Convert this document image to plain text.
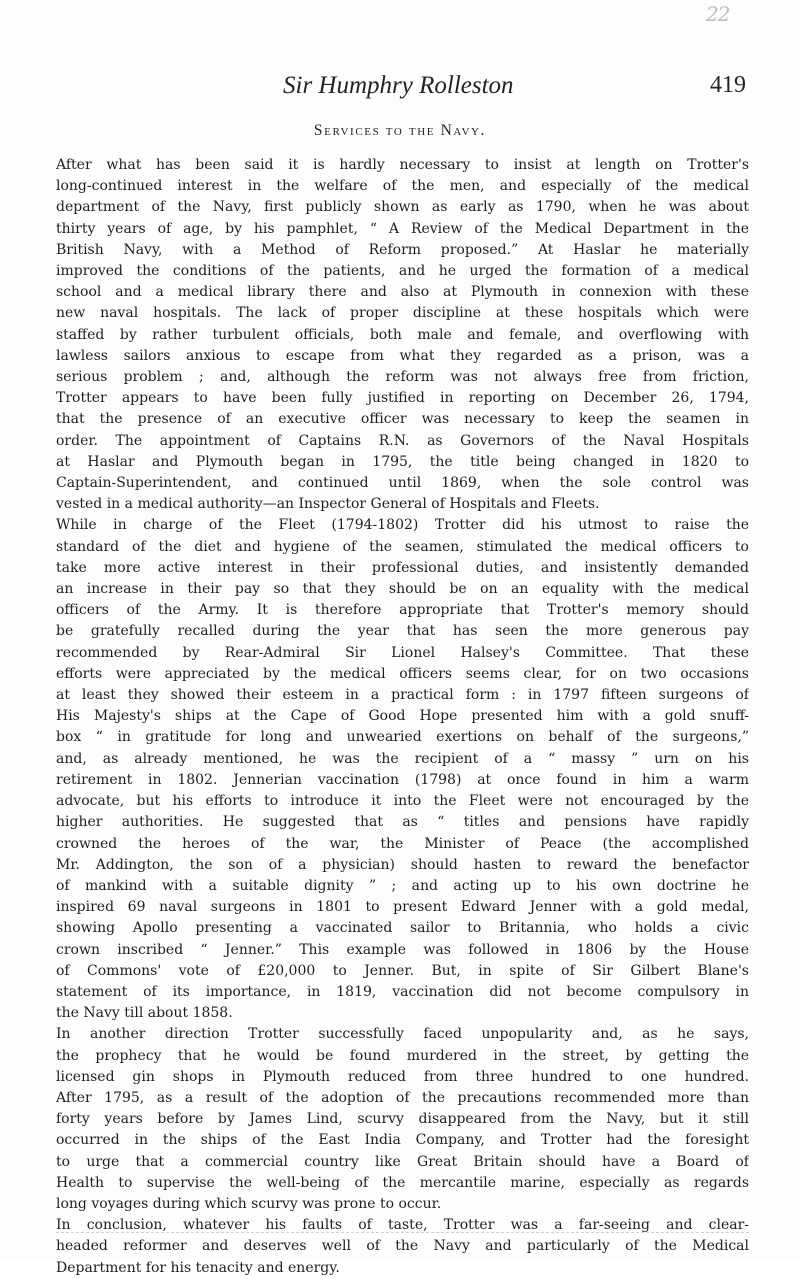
22
Sir Humphry Rolleston	419
Services to the Navy.

After what has been said it is hardly necessary to insist at length on Trotter's
long-continued interest in the welfare of the men, and especially of the medical
department of the Navy, first publicly shown as early as 1790, when he was about
thirty years of age, by his pamphlet, “ A Review of the Medical Department in the
British Navy, with a Method of Reform proposed.” At Haslar he materially
improved the conditions of the patients, and he urged the formation of a medical
school and a medical library there and also at Plymouth in connexion with these
new naval hospitals. The lack of proper discipline at these hospitals which were
staffed by rather turbulent officials, both male and female, and overflowing with
lawless sailors anxious to escape from what they regarded as a prison, was a
serious problem ; and, although the reform was not always free from friction,
Trotter appears to have been fully justified in reporting on December 26, 1794,
that the presence of an executive officer was necessary to keep the seamen in
order. The appointment of Captains R.N. as Governors of the Naval Hospitals
at Haslar and Plymouth began in 1795, the title being changed in 1820 to
Captain-Superintendent, and continued until 1869, when the sole control was
vested in a medical authority—an Inspector General of Hospitals and Fleets.

While in charge of the Fleet (1794-1802) Trotter did his utmost to raise the
standard of the diet and hygiene of the seamen, stimulated the medical officers to
take more active interest in their professional duties, and insistently demanded
an increase in their pay so that they should be on an equality with the medical
officers of the Army. It is therefore appropriate that Trotter's memory should
be gratefully recalled during the year that has seen the more generous pay
recommended by Rear-Admiral Sir Lionel Halsey's Committee. That these
efforts were appreciated by the medical officers seems clear, for on two occasions
at least they showed their esteem in a practical form : in 1797 fifteen surgeons of
His Majesty's ships at the Cape of Good Hope presented him with a gold snuff-
box “ in gratitude for long and unwearied exertions on behalf of the surgeons,”
and, as already mentioned, he was the recipient of a “ massy ” urn on his
retirement in 1802. Jennerian vaccination (1798) at once found in him a warm
advocate, but his efforts to introduce it into the Fleet were not encouraged by the
higher authorities. He suggested that as “ titles and pensions have rapidly
crowned the heroes of the war, the Minister of Peace (the accomplished
Mr. Addington, the son of a physician) should hasten to reward the benefactor
of mankind with a suitable dignity ” ; and acting up to his own doctrine he
inspired 69 naval surgeons in 1801 to present Edward Jenner with a gold medal,
showing Apollo presenting a vaccinated sailor to Britannia, who holds a civic
crown inscribed “ Jenner.” This example was followed in 1806 by the House
of Commons' vote of £20,000 to Jenner. But, in spite of Sir Gilbert Blane's
statement of its importance, in 1819, vaccination did not become compulsory in
the Navy till about 1858.

In another direction Trotter successfully faced unpopularity and, as he says,
the prophecy that he would be found murdered in the street, by getting the
licensed gin shops in Plymouth reduced from three hundred to one hundred.
After 1795, as a result of the adoption of the precautions recommended more than
forty years before by James Lind, scurvy disappeared from the Navy, but it still
occurred in the ships of the East India Company, and Trotter had the foresight
to urge that a commercial country like Great Britain should have a Board of
Health to supervise the well-being of the mercantile marine, especially as regards
long voyages during which scurvy was prone to occur.

In conclusion, whatever his faults of taste, Trotter was a far-seeing and clear-
headed reformer and deserves well of the Navy and particularly of the Medical
Department for his tenacity and energy.
